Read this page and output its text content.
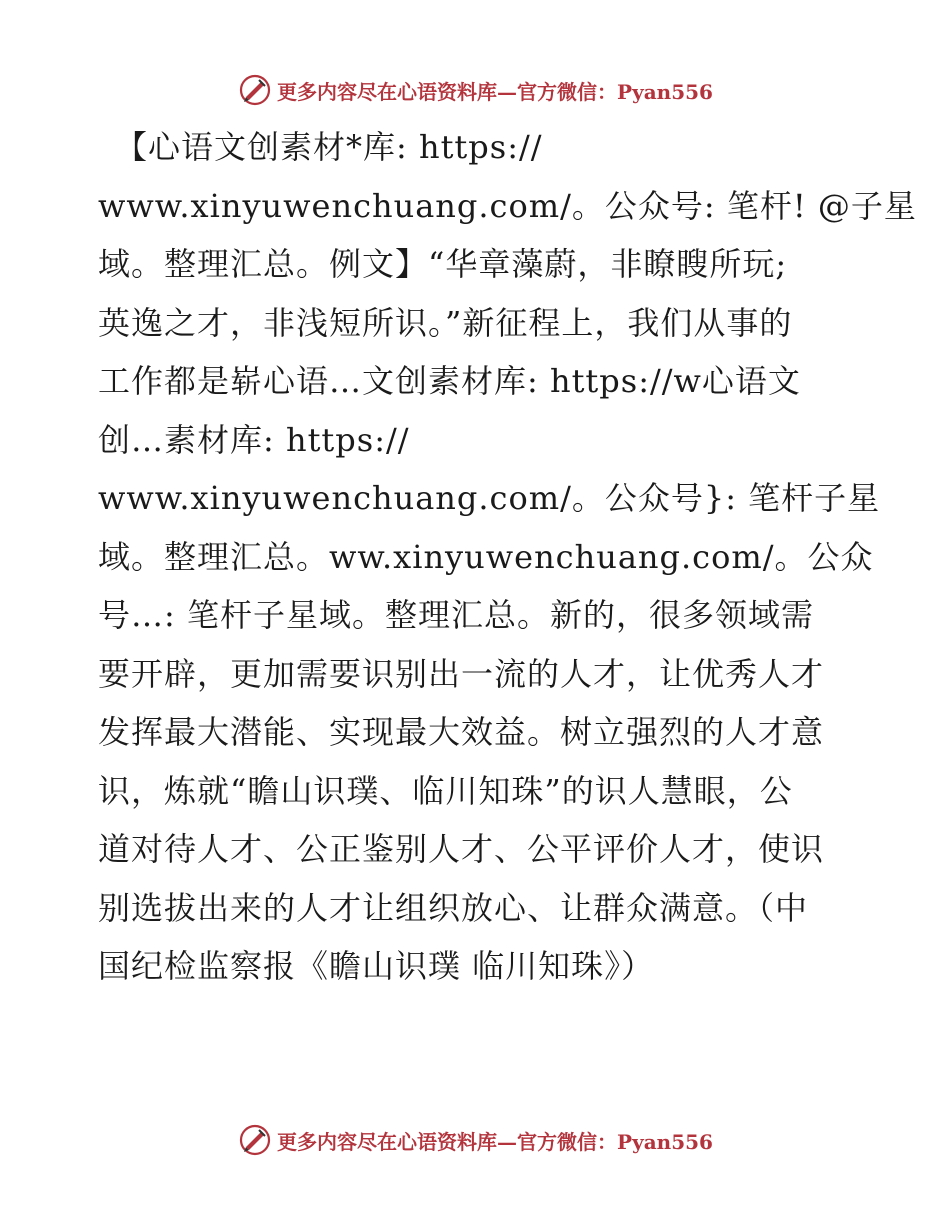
更多内容尽在心语资料库—官方微信：Pyan556
　【心语文创素材*库: https://
www.xinyuwenchuang.com/。公众号: 笔杆! @子星
域。整理汇总。例文】“华章藻蔚，非瞭瞍所玩;
英逸之才，非浅短所识。”新征程上，我们从事的
工作都是崭心语…文创素材库: https://w心语文
创…素材库: https://
www.xinyuwenchuang.com/。公众号}: 笔杆子星
域。整理汇总。ww.xinyuwenchuang.com/。公众
号…: 笔杆子星域。整理汇总。新的，很多领域需
要开辟，更加需要识别出一流的人才，让优秀人才
发挥最大潜能、实现最大效益。树立强烈的人才意
识，炼就“瞻山识璞、临川知珠”的识人慧眼，公
道对待人才、公正鉴别人才、公平评价人才，使识
别选拔出来的人才让组织放心、让群众满意。（中
国纪检监察报《瞻山识璞 临川知珠》）
更多内容尽在心语资料库—官方微信：Pyan556
